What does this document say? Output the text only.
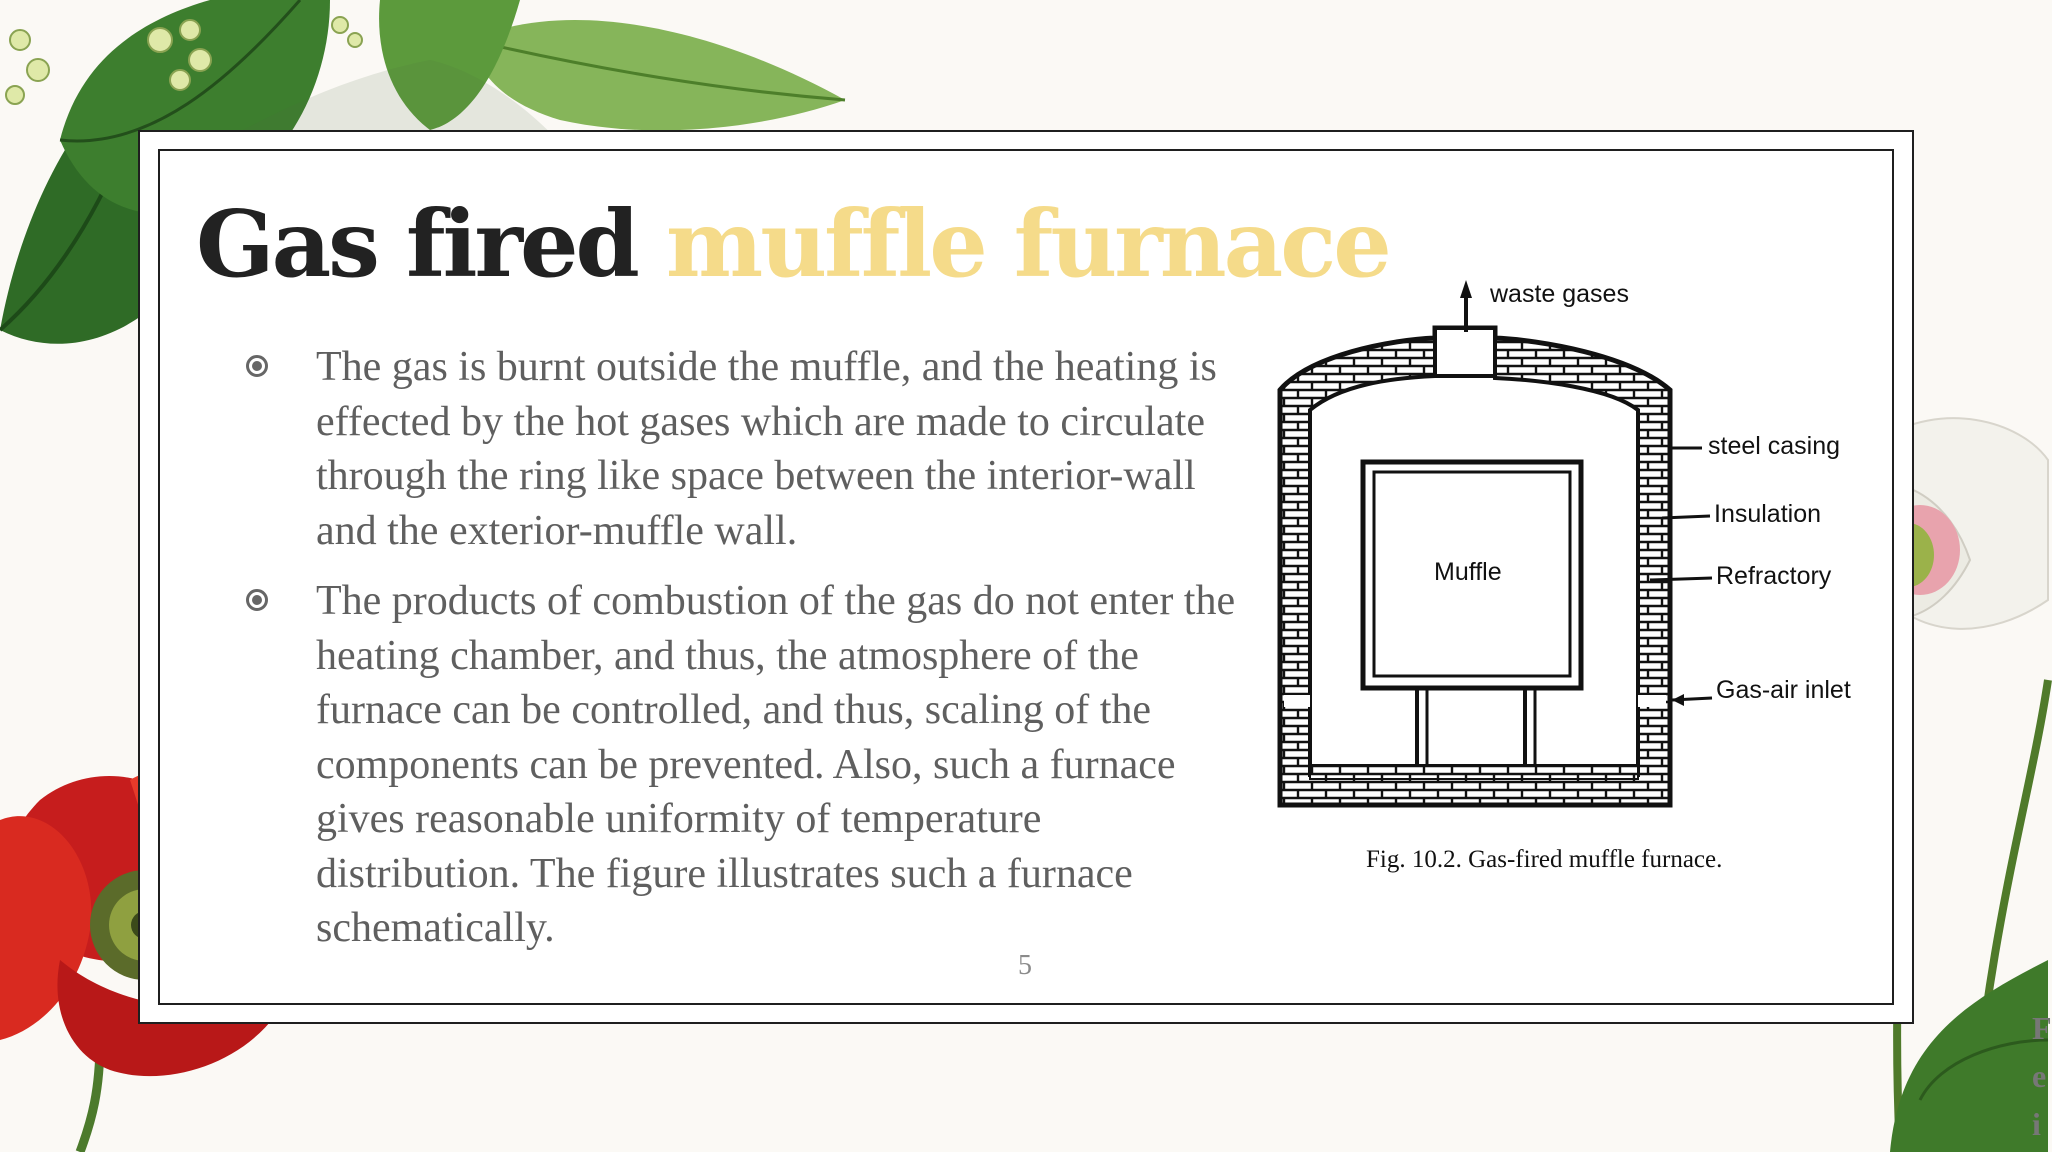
Gas fired muffle furnace
The gas is burnt outside the muffle, and the heating is effected by the hot gases which are made to circulate through the ring like space between the interior-wall and the exterior-muffle wall.
The products of combustion of the gas do not enter the heating chamber, and thus, the atmosphere of the furnace can be controlled, and thus, scaling of the components can be prevented. Also, such a furnace gives reasonable uniformity of temperature distribution. The figure illustrates such a furnace schematically.
waste gases
steel casing
Insulation
Refractory
Gas-air inlet
Muffle
Fig. 10.2. Gas-fired muffle furnace.
5
F e i
